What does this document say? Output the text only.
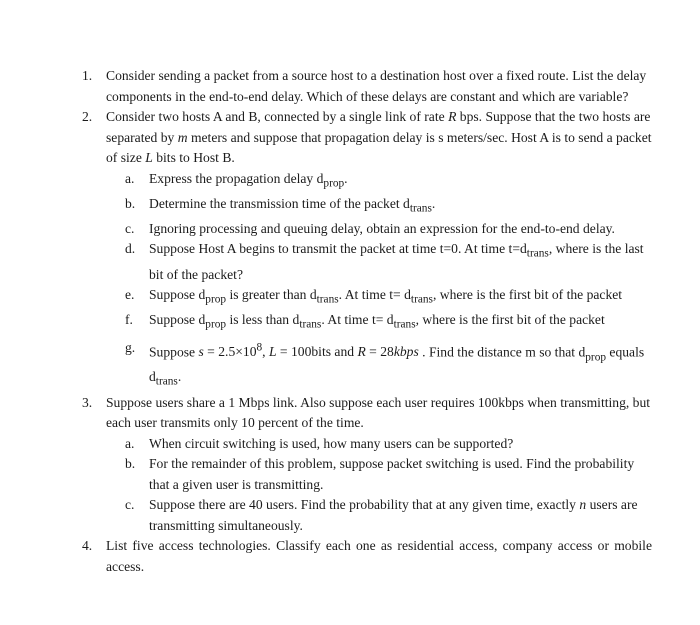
1.	Consider sending a packet from a source host to a destination host over a fixed route. List the delay components in the end-to-end delay. Which of these delays are constant and which are variable?
2.	Consider two hosts A and B, connected by a single link of rate R bps. Suppose that the two hosts are separated by m meters and suppose that propagation delay is s meters/sec. Host A is to send a packet of size L bits to Host B.
a.	Express the propagation delay $d_{prop}$.
b.	Determine the transmission time of the packet $d_{trans}$.
c.	Ignoring processing and queuing delay, obtain an expression for the end-to-end delay.
d.	Suppose Host A begins to transmit the packet at time t=0. At time $t=d_{trans}$, where is the last bit of the packet?
e.	Suppose $d_{prop}$ is greater than $d_{trans}$. At time $t= d_{trans}$, where is the first bit of the packet
f.	Suppose $d_{prop}$ is less than $d_{trans}$. At time $t= d_{trans}$, where is the first bit of the packet
g.	Suppose $s = 2.5\times 10^8$, L = 100bits and R = 28kbps . Find the distance m so that $d_{prop}$ equals $d_{trans}$.
3.	Suppose users share a 1 Mbps link. Also suppose each user requires 100kbps when transmitting, but each user transmits only 10 percent of the time.
a.	When circuit switching is used, how many users can be supported?
b.	For the remainder of this problem, suppose packet switching is used. Find the probability that a given user is transmitting.
c.	Suppose there are 40 users. Find the probability that at any given time, exactly n users are transmitting simultaneously.
4.	List five access technologies. Classify each one as residential access, company access or mobile access.
